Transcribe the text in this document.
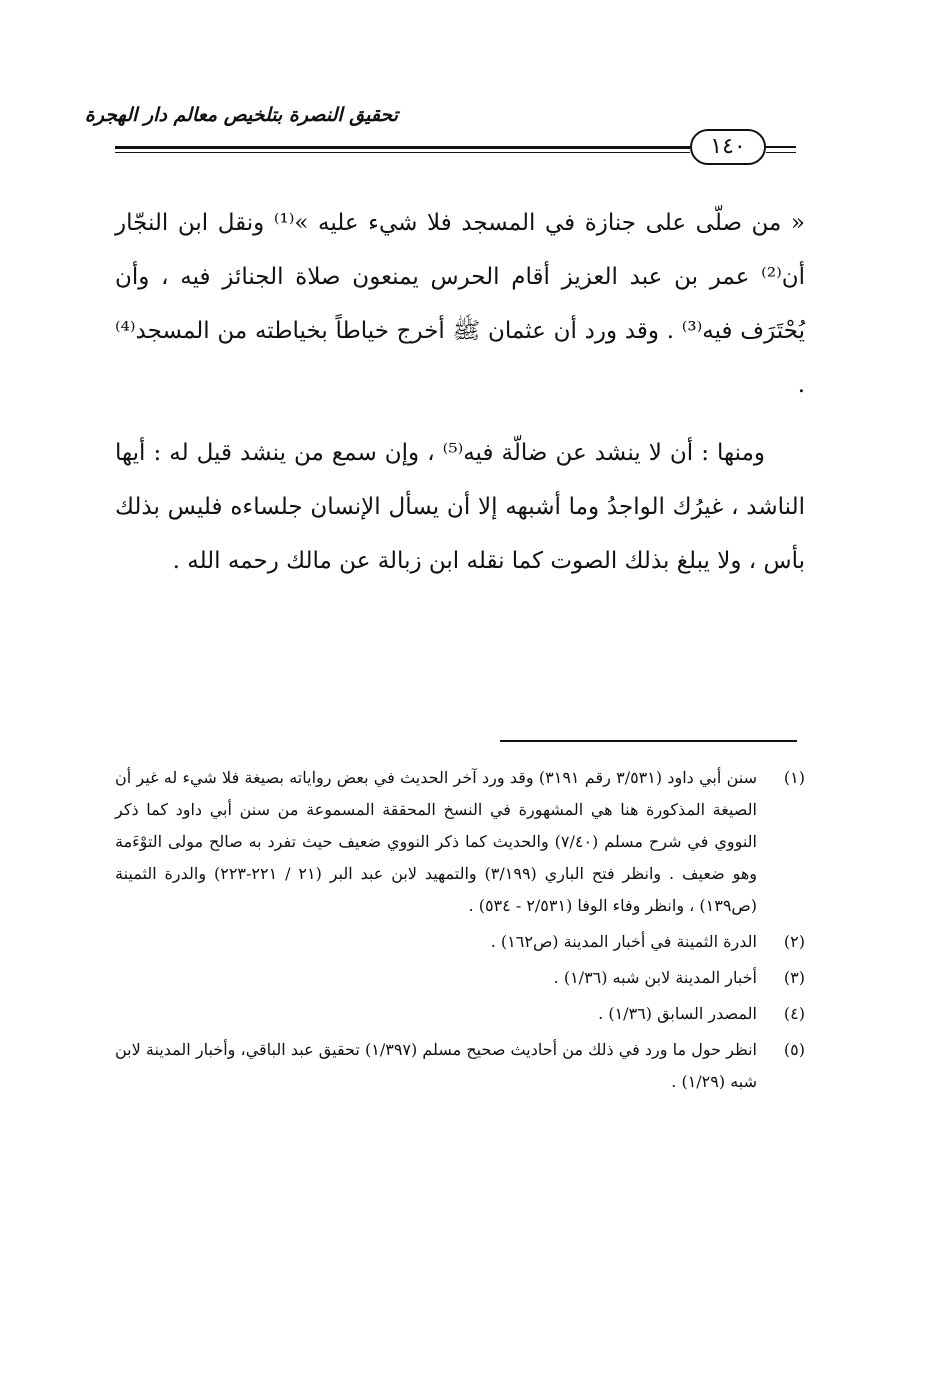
تحقيق النصرة بتلخيص معالم دار الهجرة
١٤٠

« من صلّى على جنازة في المسجد فلا شيء عليه »⁽¹⁾ ونقل ابن النجّار أن⁽²⁾ عمر بن عبد العزيز أقام الحرس يمنعون صلاة الجنائز فيه ، وأن يُحْتَرَف فيه⁽³⁾ . وقد ورد أن عثمان ﷺ أخرج خياطاً بخياطته من المسجد⁽⁴⁾ .

ومنها : أن لا ينشد عن ضالّة فيه⁽⁵⁾ ، وإن سمع من ينشد قيل له : أيها الناشد ، غيرُك الواجدُ وما أشبهه إلا أن يسأل الإنسان جلساءه فليس بذلك بأس ، ولا يبلغ بذلك الصوت كما نقله ابن زبالة عن مالك رحمه الله .

(١)
سنن أبي داود (٣/٥٣١ رقم ٣١٩١) وقد ورد آخر الحديث في بعض رواياته بصيغة فلا شيء له غير أن الصيغة المذكورة هنا هي المشهورة في النسخ المحققة المسموعة من سنن أبي داود كما ذكر النووي في شرح مسلم (٧/٤٠) والحديث كما ذكر النووي ضعيف حيث تفرد به صالح مولى التوْءَمة وهو ضعيف . وانظر فتح الباري (٣/١٩٩) والتمهيد لابن عبد البر (٢١ / ٢٢١-٢٢٣) والدرة الثمينة (ص١٣٩) ، وانظر وفاء الوفا (٢/٥٣١ - ٥٣٤) .
(٢)
الدرة الثمينة في أخبار المدينة (ص١٦٢) .
(٣)
أخبار المدينة لابن شبه (١/٣٦) .
(٤)
المصدر السابق (١/٣٦) .
(٥)
انظر حول ما ورد في ذلك من أحاديث صحيح مسلم (١/٣٩٧) تحقيق عبد الباقي، وأخبار المدينة لابن شبه (١/٢٩) .
